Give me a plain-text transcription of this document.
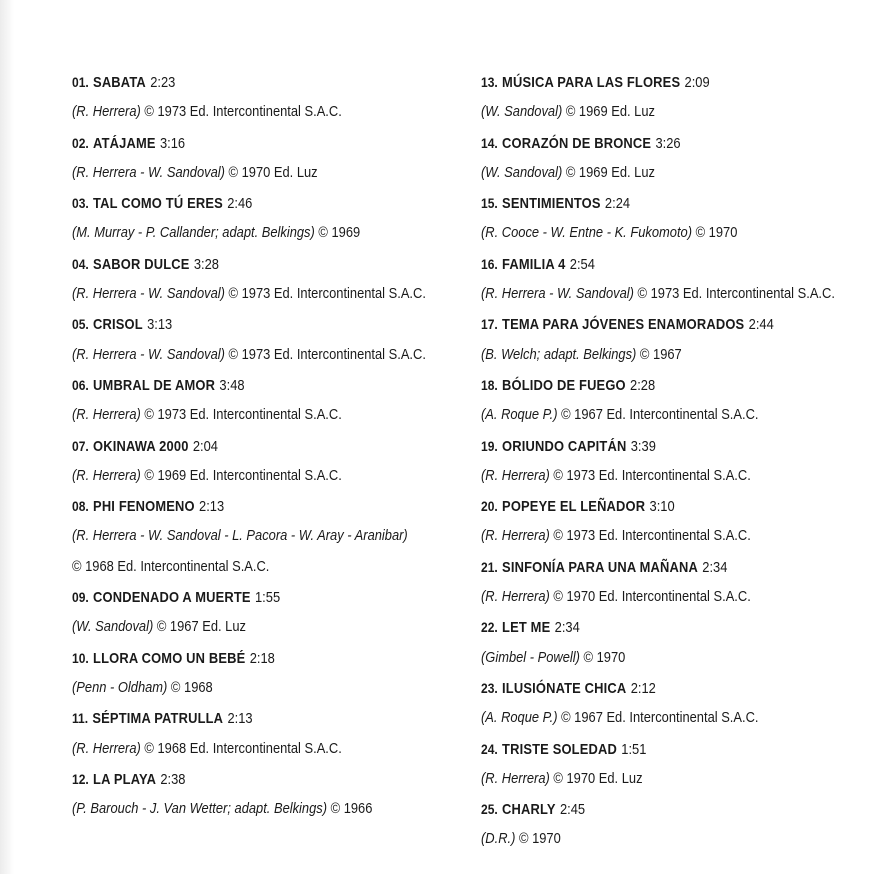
01. SABATA 2:23
(R. Herrera) © 1973 Ed. Intercontinental S.A.C.
02. ATÁJAME 3:16
(R. Herrera - W. Sandoval) © 1970 Ed. Luz
03. TAL COMO TÚ ERES 2:46
(M. Murray - P. Callander; adapt. Belkings) © 1969
04. SABOR DULCE 3:28
(R. Herrera - W. Sandoval) © 1973 Ed. Intercontinental S.A.C.
05. CRISOL 3:13
(R. Herrera - W. Sandoval) © 1973 Ed. Intercontinental S.A.C.
06. UMBRAL DE AMOR 3:48
(R. Herrera) © 1973 Ed. Intercontinental S.A.C.
07. OKINAWA 2000 2:04
(R. Herrera) © 1969 Ed. Intercontinental S.A.C.
08. PHI FENOMENO 2:13
(R. Herrera - W. Sandoval - L. Pacora - W. Aray - Aranibar)
© 1968 Ed. Intercontinental S.A.C.
09. CONDENADO A MUERTE 1:55
(W. Sandoval) © 1967 Ed. Luz
10. LLORA COMO UN BEBÉ 2:18
(Penn - Oldham) © 1968
11. SÉPTIMA PATRULLA 2:13
(R. Herrera) © 1968 Ed. Intercontinental S.A.C.
12. LA PLAYA 2:38
(P. Barouch - J. Van Wetter; adapt. Belkings) © 1966
13. MÚSICA PARA LAS FLORES 2:09
(W. Sandoval) © 1969 Ed. Luz
14. CORAZÓN DE BRONCE 3:26
(W. Sandoval) © 1969 Ed. Luz
15. SENTIMIENTOS 2:24
(R. Cooce - W. Entne - K. Fukomoto) © 1970
16. FAMILIA 4 2:54
(R. Herrera - W. Sandoval) © 1973 Ed. Intercontinental S.A.C.
17. TEMA PARA JÓVENES ENAMORADOS 2:44
(B. Welch; adapt. Belkings) © 1967
18. BÓLIDO DE FUEGO 2:28
(A. Roque P.) © 1967 Ed. Intercontinental S.A.C.
19. ORIUNDO CAPITÁN 3:39
(R. Herrera) © 1973 Ed. Intercontinental S.A.C.
20. POPEYE EL LEÑADOR 3:10
(R. Herrera) © 1973 Ed. Intercontinental S.A.C.
21. SINFONÍA PARA UNA MAÑANA 2:34
(R. Herrera) © 1970 Ed. Intercontinental S.A.C.
22. LET ME 2:34
(Gimbel - Powell) © 1970
23. ILUSIÓNATE CHICA 2:12
(A. Roque P.) © 1967 Ed. Intercontinental S.A.C.
24. TRISTE SOLEDAD 1:51
(R. Herrera) © 1970 Ed. Luz
25. CHARLY 2:45
(D.R.) © 1970
